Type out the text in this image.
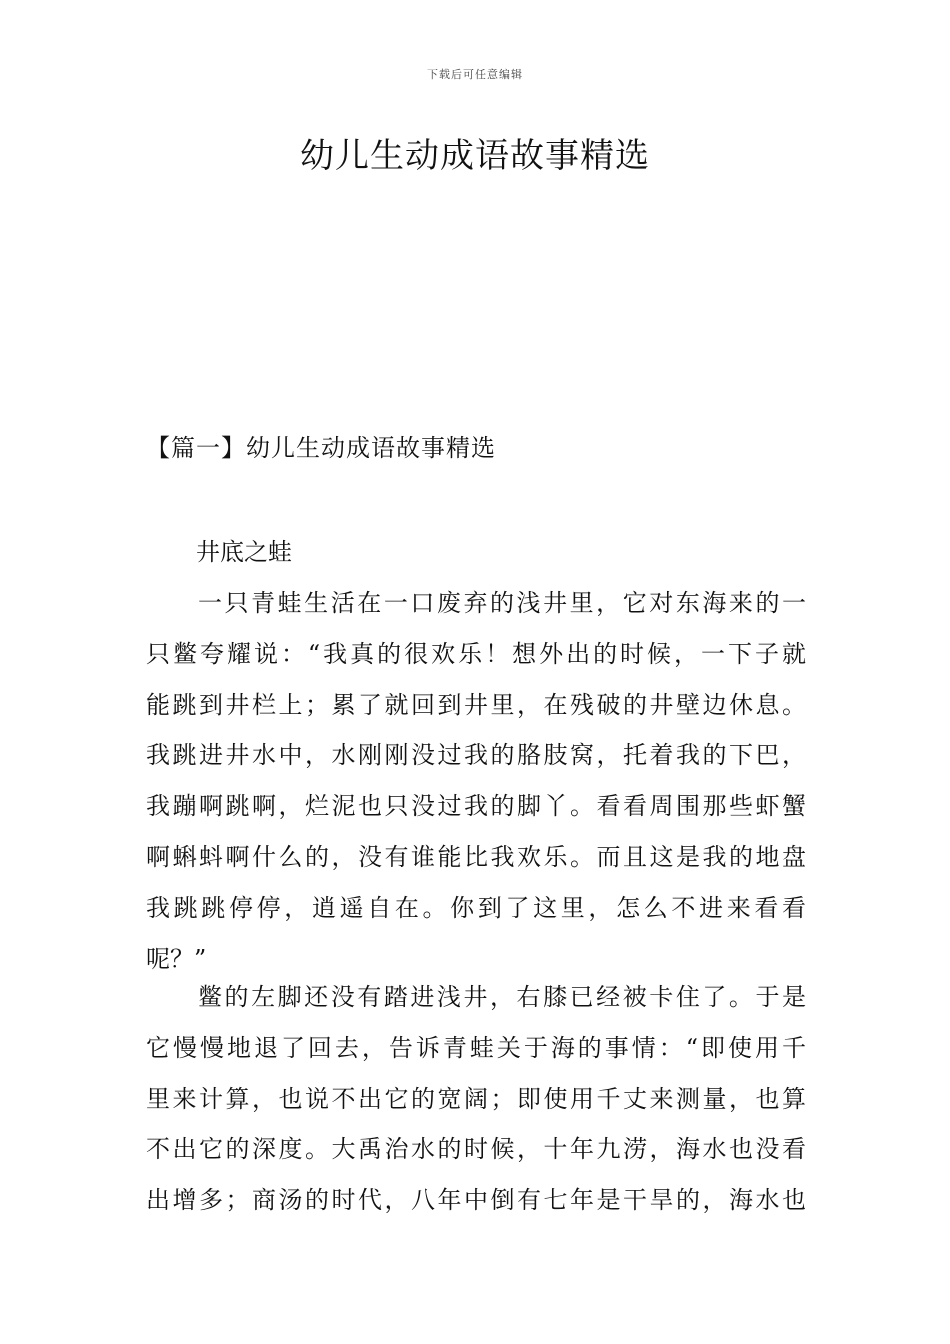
下载后可任意编辑
幼儿生动成语故事精选
【篇一】幼儿生动成语故事精选
井底之蛙
一只青蛙生活在一口废弃的浅井里，它对东海来的一
只鳖夸耀说：“我真的很欢乐！想外出的时候，一下子就
能跳到井栏上；累了就回到井里，在残破的井壁边休息。
我跳进井水中，水刚刚没过我的胳肢窝，托着我的下巴，
我蹦啊跳啊，烂泥也只没过我的脚丫。看看周围那些虾蟹
啊蝌蚪啊什么的，没有谁能比我欢乐。而且这是我的地盘
我跳跳停停，逍遥自在。你到了这里，怎么不进来看看
呢？”
鳖的左脚还没有踏进浅井，右膝已经被卡住了。于是
它慢慢地退了回去，告诉青蛙关于海的事情：“即使用千
里来计算，也说不出它的宽阔；即使用千丈来测量，也算
不出它的深度。大禹治水的时候，十年九涝，海水也没看
出增多；商汤的时代，八年中倒有七年是干旱的，海水也
